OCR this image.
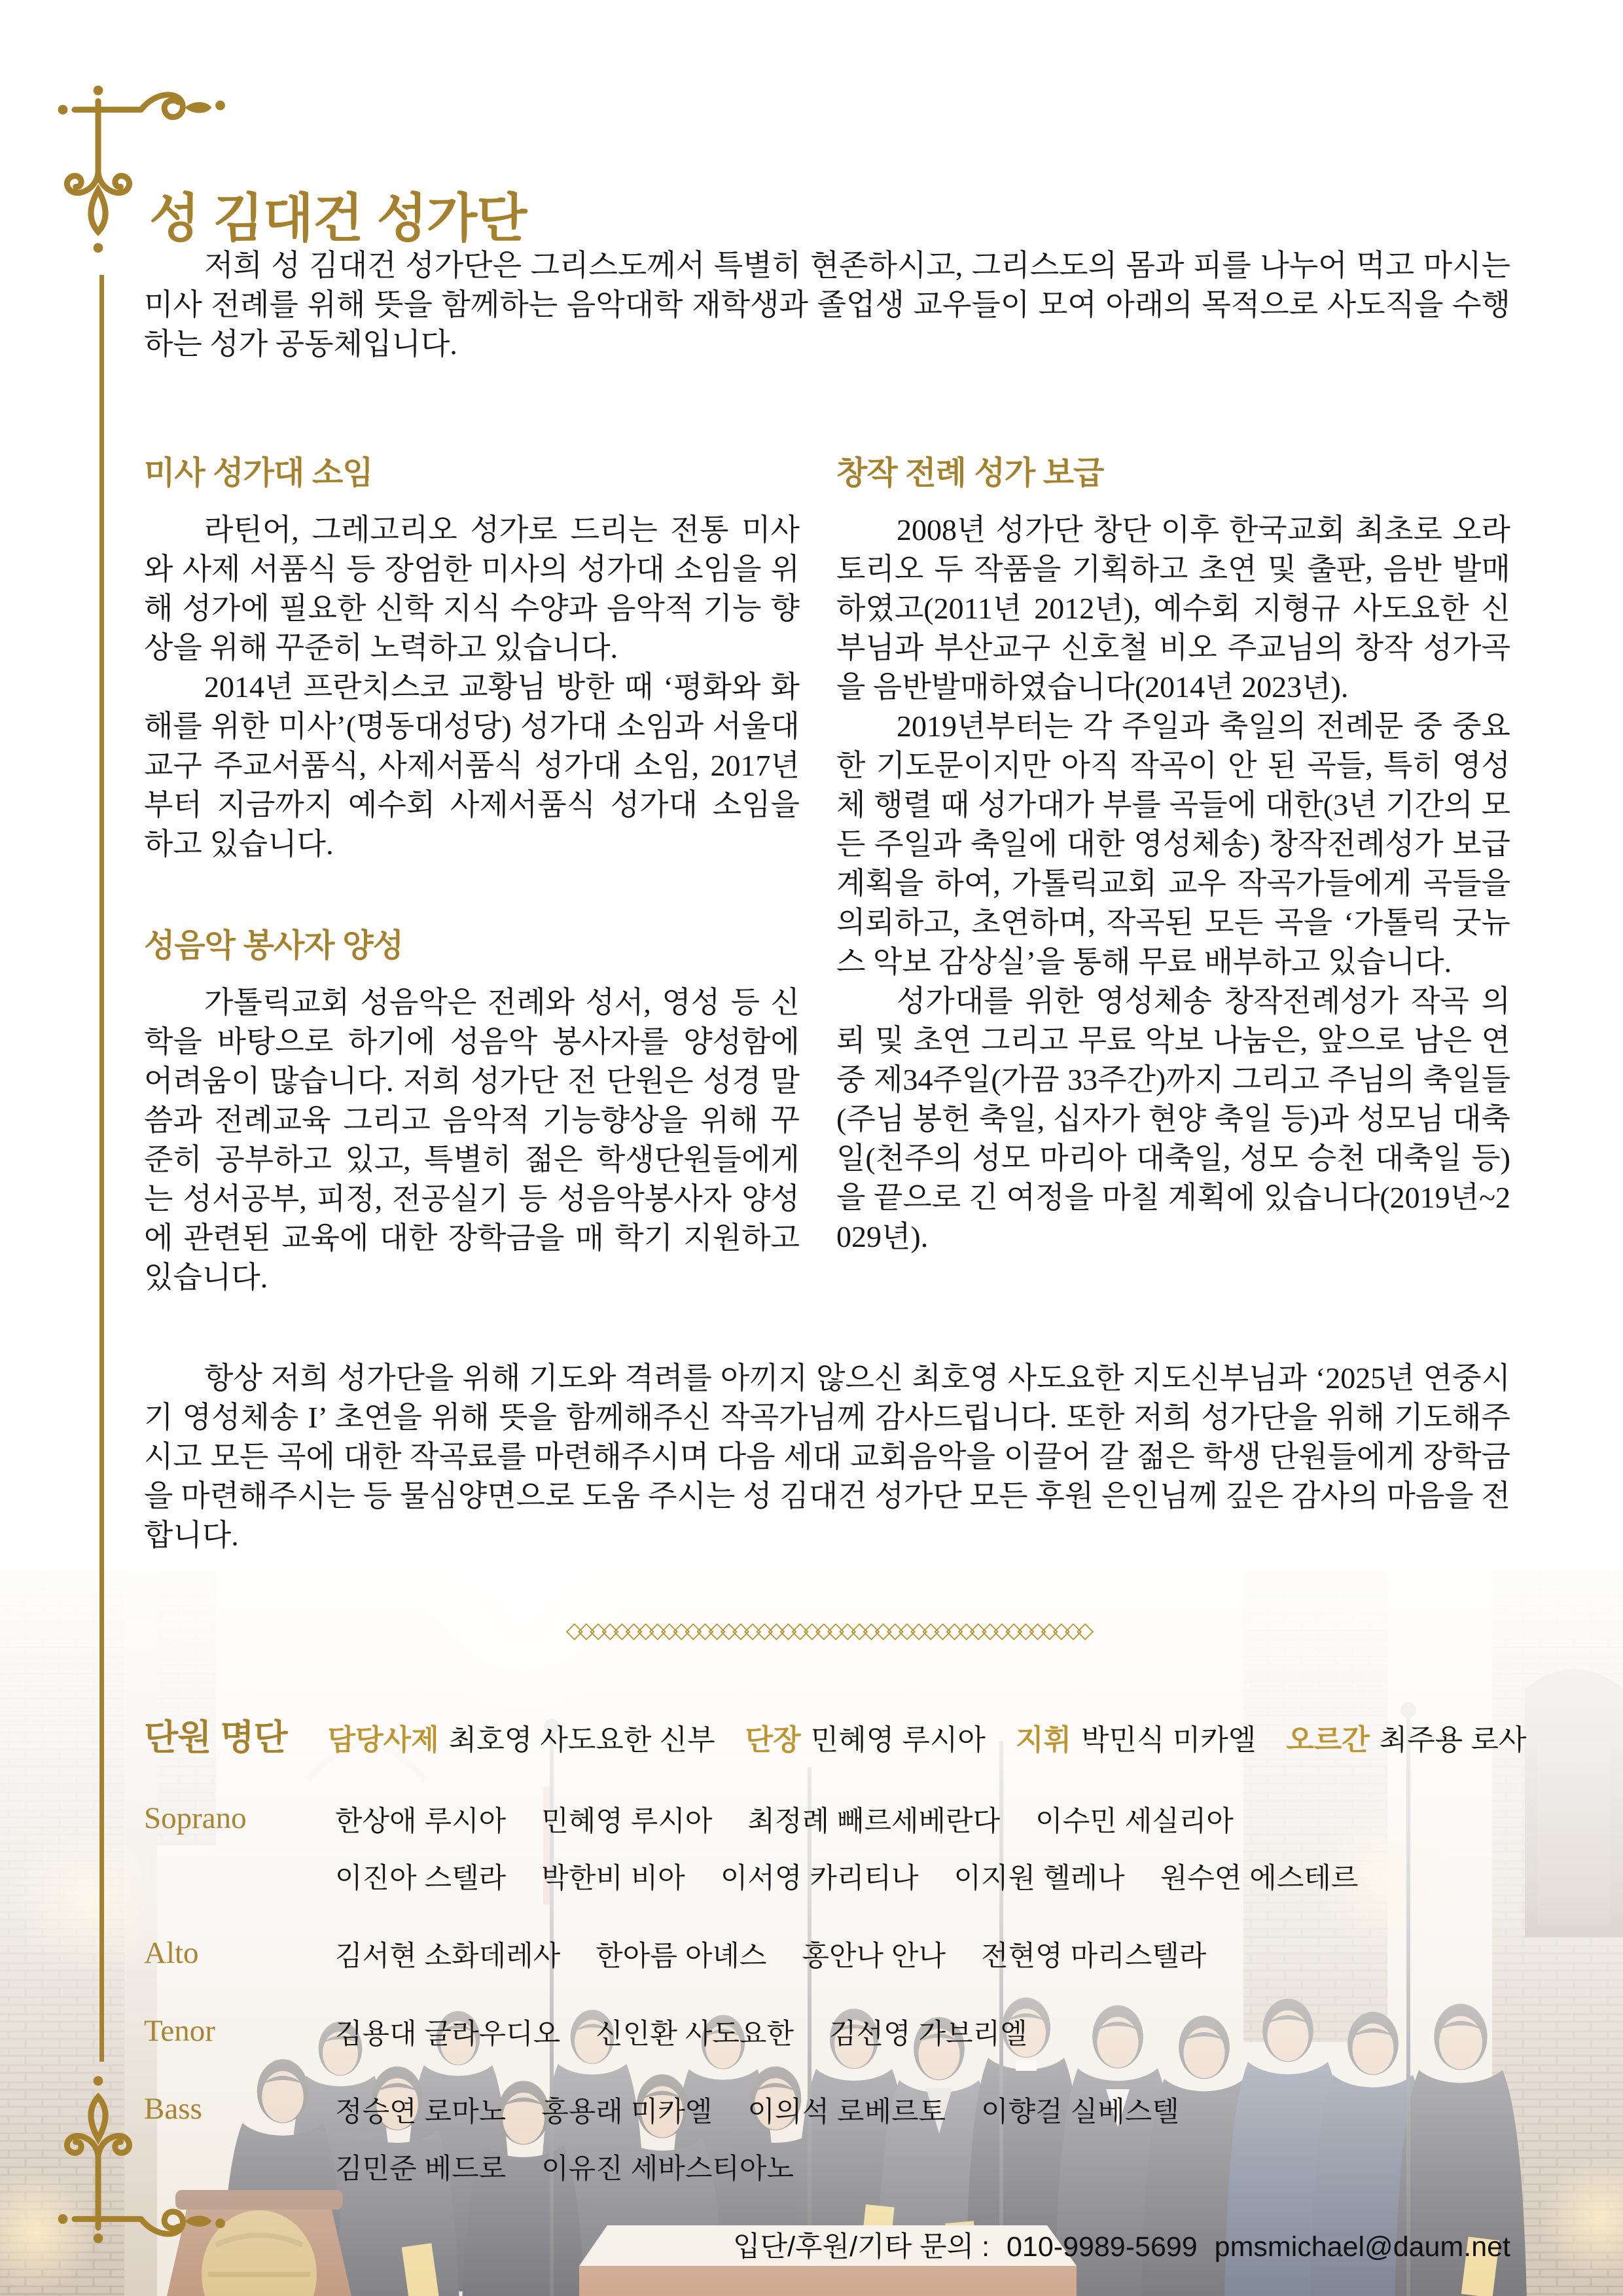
성 김대건 성가단

저희 성 김대건 성가단은 그리스도께서 특별히 현존하시고, 그리스도의 몸과 피를 나누어 먹고 마시는 미사 전례를 위해 뜻을 함께하는 음악대학 재학생과 졸업생 교우들이 모여 아래의 목적으로 사도직을 수행하는 성가 공동체입니다.

미사 성가대 소임

라틴어, 그레고리오 성가로 드리는 전통 미사와 사제 서품식 등 장엄한 미사의 성가대 소임을 위해 성가에 필요한 신학 지식 수양과 음악적 기능 향상을 위해 꾸준히 노력하고 있습니다.

2014년 프란치스코 교황님 방한 때 ‘평화와 화해를 위한 미사’(명동대성당) 성가대 소임과 서울대교구 주교서품식, 사제서품식 성가대 소임, 2017년부터 지금까지 예수회 사제서품식 성가대 소임을 하고 있습니다.

성음악 봉사자 양성

가톨릭교회 성음악은 전례와 성서, 영성 등 신학을 바탕으로 하기에 성음악 봉사자를 양성함에 어려움이 많습니다. 저희 성가단 전 단원은 성경 말씀과 전례교육 그리고 음악적 기능향상을 위해 꾸준히 공부하고 있고, 특별히 젊은 학생단원들에게는 성서공부, 피정, 전공실기 등 성음악봉사자 양성에 관련된 교육에 대한 장학금을 매 학기 지원하고 있습니다.

창작 전례 성가 보급

2008년 성가단 창단 이후 한국교회 최초로 오라토리오 두 작품을 기획하고 초연 및 출판, 음반 발매하였고(2011년 2012년), 예수회 지형규 사도요한 신부님과 부산교구 신호철 비오 주교님의 창작 성가곡을 음반발매하였습니다(2014년 2023년).

2019년부터는 각 주일과 축일의 전례문 중 중요한 기도문이지만 아직 작곡이 안 된 곡들, 특히 영성체 행렬 때 성가대가 부를 곡들에 대한(3년 기간의 모든 주일과 축일에 대한 영성체송) 창작전례성가 보급 계획을 하여, 가톨릭교회 교우 작곡가들에게 곡들을 의뢰하고, 초연하며, 작곡된 모든 곡을 ‘가톨릭 굿뉴스 악보 감상실’을 통해 무료 배부하고 있습니다.

성가대를 위한 영성체송 창작전례성가 작곡 의뢰 및 초연 그리고 무료 악보 나눔은, 앞으로 남은 연중 제34주일(가끔 33주간)까지 그리고 주님의 축일들(주님 봉헌 축일, 십자가 현양 축일 등)과 성모님 대축일(천주의 성모 마리아 대축일, 성모 승천 대축일 등)을 끝으로 긴 여정을 마칠 계획에 있습니다(2019년~2029년).

항상 저희 성가단을 위해 기도와 격려를 아끼지 않으신 최호영 사도요한 지도신부님과 ‘2025년 연중시기 영성체송 I’ 초연을 위해 뜻을 함께해주신 작곡가님께 감사드립니다. 또한 저희 성가단을 위해 기도해주시고 모든 곡에 대한 작곡료를 마련해주시며 다음 세대 교회음악을 이끌어 갈 젊은 학생 단원들에게 장학금을 마련해주시는 등 물심양면으로 도움 주시는 성 김대건 성가단 모든 후원 은인님께 깊은 감사의 마음을 전합니다.

◇◇◇◇◇◇◇◇◇◇◇◇◇◇◇◇◇◇◇◇◇◇◇◇◇◇◇◇◇◇◇◇◇◇◇◇◇◇◇◇◇◇◇◇
단원 명단 담당사제 최호영 사도요한 신부 단장 민혜영 루시아 지휘 박민식 미카엘 오르간 최주용 로사
Soprano	한상애 루시아 민혜영 루시아 최정례 빼르세베란다 이수민 세실리아
이진아 스텔라 박한비 비아 이서영 카리티나 이지원 헬레나 원수연 에스테르
Alto	김서현 소화데레사 한아름 아녜스 홍안나 안나 전현영 마리스텔라
Tenor	김용대 글라우디오 신인환 사도요한 김선영 가브리엘
Bass	정승연 로마노 홍용래 미카엘 이의석 로베르토 이향걸 실베스텔
김민준 베드로 이유진 세바스티아노
입단/후원/기타 문의 : 010-9989-5699 pmsmichael@daum.net
